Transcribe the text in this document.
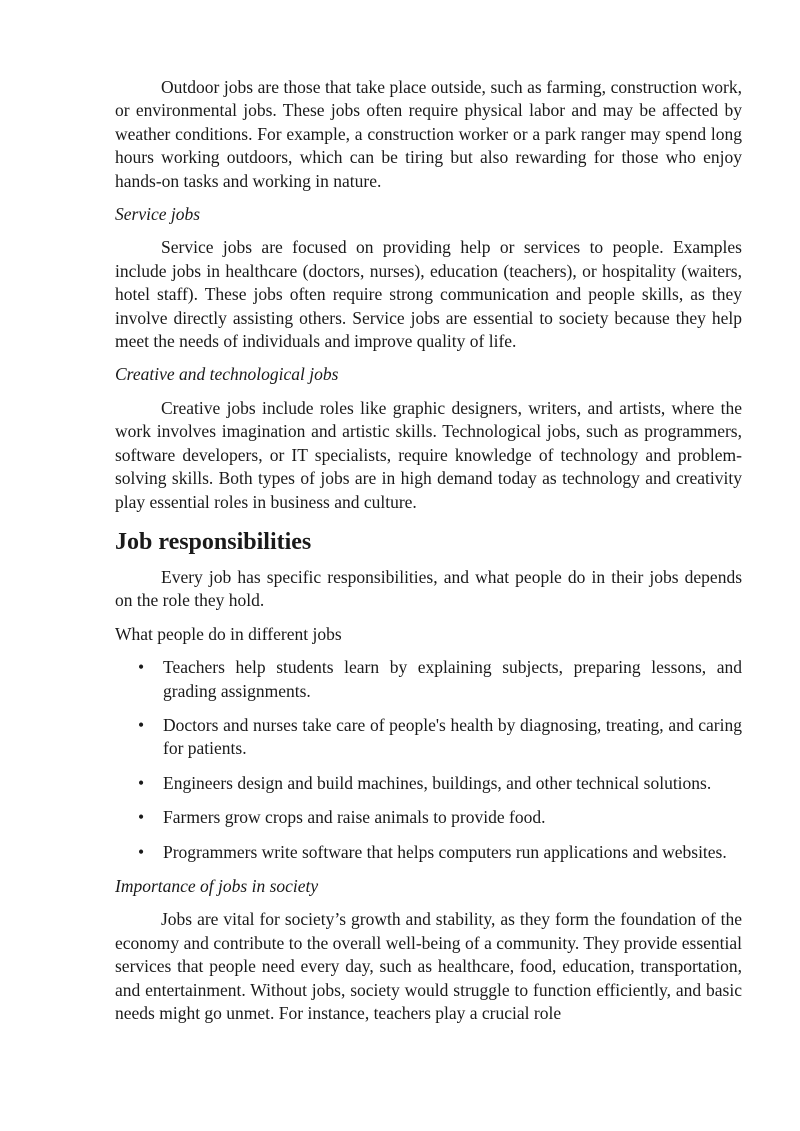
Outdoor jobs are those that take place outside, such as farming, construction work, or environmental jobs. These jobs often require physical labor and may be affected by weather conditions. For example, a construction worker or a park ranger may spend long hours working outdoors, which can be tiring but also rewarding for those who enjoy hands-on tasks and working in nature.

Service jobs

Service jobs are focused on providing help or services to people. Examples include jobs in healthcare (doctors, nurses), education (teachers), or hospitality (waiters, hotel staff). These jobs often require strong communication and people skills, as they involve directly assisting others. Service jobs are essential to society because they help meet the needs of individuals and improve quality of life.

Creative and technological jobs

Creative jobs include roles like graphic designers, writers, and artists, where the work involves imagination and artistic skills. Technological jobs, such as programmers, software developers, or IT specialists, require knowledge of technology and problem-solving skills. Both types of jobs are in high demand today as technology and creativity play essential roles in business and culture.

Job responsibilities

Every job has specific responsibilities, and what people do in their jobs depends on the role they hold.

What people do in different jobs

• Teachers help students learn by explaining subjects, preparing lessons, and grading assignments.
• Doctors and nurses take care of people's health by diagnosing, treating, and caring for patients.
• Engineers design and build machines, buildings, and other technical solutions.
• Farmers grow crops and raise animals to provide food.
• Programmers write software that helps computers run applications and websites.

Importance of jobs in society

Jobs are vital for society’s growth and stability, as they form the foundation of the economy and contribute to the overall well-being of a community. They provide essential services that people need every day, such as healthcare, food, education, transportation, and entertainment. Without jobs, society would struggle to function efficiently, and basic needs might go unmet. For instance, teachers play a crucial role
